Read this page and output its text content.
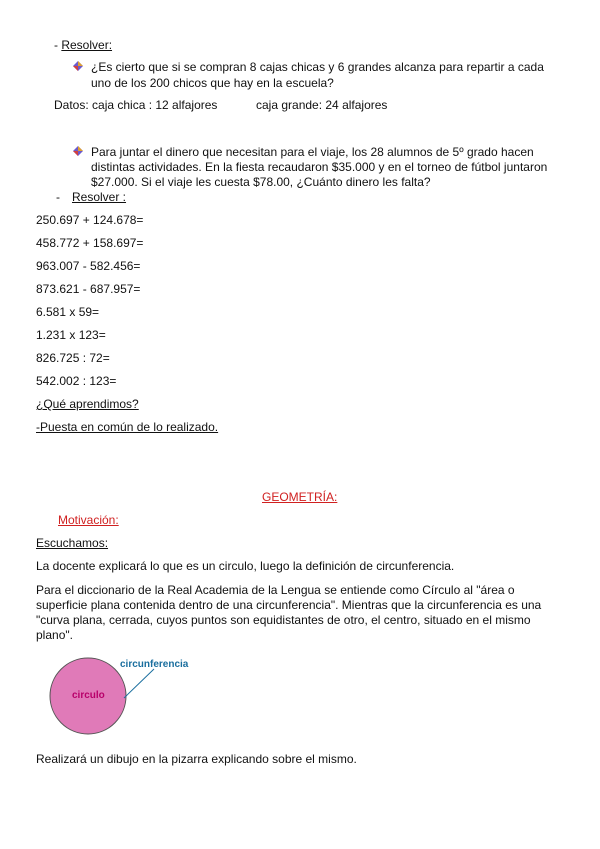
- Resolver:
¿Es cierto que si se compran 8 cajas chicas y 6 grandes alcanza para repartir a cada
uno de los 200 chicos que hay en la escuela?
Datos: caja chica : 12 alfajores	caja grande: 24 alfajores
Para juntar el dinero que necesitan para el viaje, los 28 alumnos de 5º grado hacen
distintas actividades. En la fiesta recaudaron $35.000 y en el torneo de fútbol juntaron
$27.000. Si el viaje les cuesta $78.00, ¿Cuánto dinero les falta?
- Resolver :
250.697 + 124.678=
458.772 + 158.697=
963.007 - 582.456=
873.621 - 687.957=
6.581 x 59=
1.231 x 123=
826.725 : 72=
542.002 : 123=
¿Qué aprendimos?
-Puesta en común de lo realizado.
GEOMETRÍA:
Motivación:
Escuchamos:
La docente explicará lo que es un circulo, luego la definición de circunferencia.
Para el diccionario de la Real Academia de la Lengua se entiende como Círculo al "área o
superficie plana contenida dentro de una circunferencia". Mientras que la circunferencia es una
"curva plana, cerrada, cuyos puntos son equidistantes de otro, el centro, situado en el mismo
plano".
circulo
circunferencia
Realizará un dibujo en la pizarra explicando sobre el mismo.
